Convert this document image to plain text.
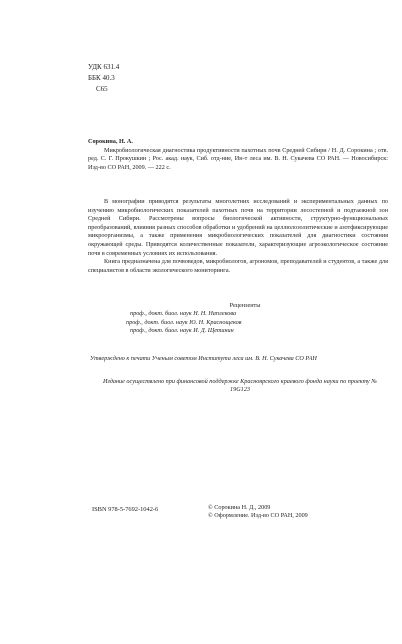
УДК 631.4
ББК 40.3
С65
Сорокина, Н. А.
Микробиологическая диагностика продуктивности пахотных почв Средней Сибири / Н. Д. Сорокина ; отв. ред. С. Г. Прокушкин ; Рос. акад. наук, Сиб. отд-ние, Ин-т леса им. В. Н. Сукачева СО РАН. — Новосибирск: Изд-во СО РАН, 2009. — 222 с.

В монографии приводятся результаты многолетних исследований и экспериментальных данных по изучению микробиологических показателей пахотных почв на территории лесостепной и подтаежной зон Средней Сибири. Рассмотрены вопросы биологической активности, структурно-функциональных преобразований, влияния разных способов обработки и удобрений на целлюлозолитические и азотфиксирующие микроорганизмы, а также применения микробиологических показателей для диагностики состояния окружающей среды. Приводятся количественные показатели, характеризующие агроэкологическое состояние почв в современных условиях их использования.

Книга предназначена для почвоведов, микробиологов, агрономов, преподавателей и студентов, а также для специалистов в области экологического мониторинга.

Рецензенты
проф., докт. биол. наук Н. Н. Наплекова
проф., докт. биол. наук Ю. Н. Краснощеков
проф., докт. биол. наук И. Д. Щетинин
Утверждено к печати Ученым советом Института леса им. В. Н. Сукачева СО РАН
Издание осуществлено при финансовой поддержке Красноярского краевого фонда науки по проекту № 19G123
ISBN 978-5-7692-1042-6	© Сорокина Н. Д., 2009
© Оформление. Изд-во СО РАН, 2009
